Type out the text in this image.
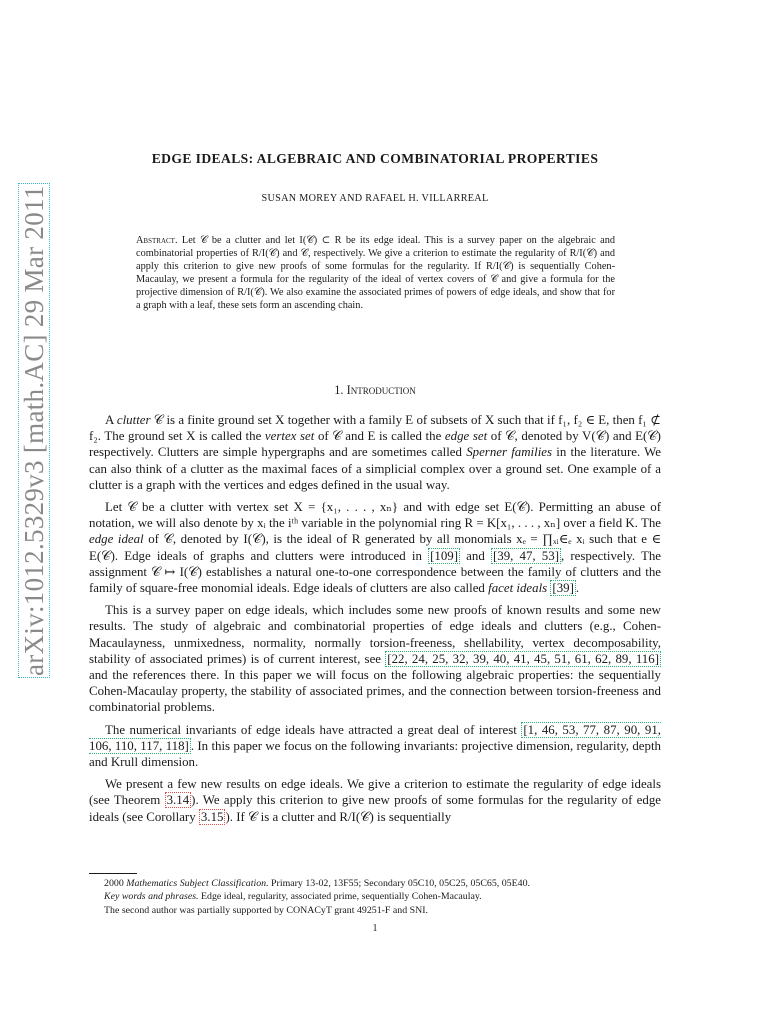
arXiv:1012.5329v3 [math.AC] 29 Mar 2011
EDGE IDEALS: ALGEBRAIC AND COMBINATORIAL PROPERTIES
SUSAN MOREY AND RAFAEL H. VILLARREAL
Abstract. Let 𝒞 be a clutter and let I(𝒞) ⊂ R be its edge ideal. This is a survey paper on the algebraic and combinatorial properties of R/I(𝒞) and 𝒞, respectively. We give a criterion to estimate the regularity of R/I(𝒞) and apply this criterion to give new proofs of some formulas for the regularity. If R/I(𝒞) is sequentially Cohen-Macaulay, we present a formula for the regularity of the ideal of vertex covers of 𝒞 and give a formula for the projective dimension of R/I(𝒞). We also examine the associated primes of powers of edge ideals, and show that for a graph with a leaf, these sets form an ascending chain.
1. Introduction

A clutter 𝒞 is a finite ground set X together with a family E of subsets of X such that if f₁, f₂ ∈ E, then f₁ ⊄ f₂. The ground set X is called the vertex set of 𝒞 and E is called the edge set of 𝒞, denoted by V(𝒞) and E(𝒞) respectively. Clutters are simple hypergraphs and are sometimes called Sperner families in the literature. We can also think of a clutter as the maximal faces of a simplicial complex over a ground set. One example of a clutter is a graph with the vertices and edges defined in the usual way.

Let 𝒞 be a clutter with vertex set X = {x₁, . . . , xₙ} and with edge set E(𝒞). Permitting an abuse of notation, we will also denote by xᵢ the iᵗʰ variable in the polynomial ring R = K[x₁, . . . , xₙ] over a field K. The edge ideal of 𝒞, denoted by I(𝒞), is the ideal of R generated by all monomials xₑ = ∏ₓᵢ∈ₑ xᵢ such that e ∈ E(𝒞). Edge ideals of graphs and clutters were introduced in [109] and [39, 47, 53] , respectively. The assignment 𝒞 ↦ I(𝒞) establishes a natural one-to-one correspondence between the family of clutters and the family of square-free monomial ideals. Edge ideals of clutters are also called facet ideals [39] .

This is a survey paper on edge ideals, which includes some new proofs of known results and some new results. The study of algebraic and combinatorial properties of edge ideals and clutters (e.g., Cohen-Macaulayness, unmixedness, normality, normally torsion-freeness, shellability, vertex decomposability, stability of associated primes) is of current interest, see [22, 24, 25, 32, 39, 40, 41, 45, 51, 61, 62, 89, 116] and the references there. In this paper we will focus on the following algebraic properties: the sequentially Cohen-Macaulay property, the stability of associated primes, and the connection between torsion-freeness and combinatorial problems.

The numerical invariants of edge ideals have attracted a great deal of interest [1, 46, 53, 77, 87, 90, 91, 106, 110, 117, 118] . In this paper we focus on the following invariants: projective dimension, regularity, depth and Krull dimension.

We present a few new results on edge ideals. We give a criterion to estimate the regularity of edge ideals (see Theorem 3.14 ). We apply this criterion to give new proofs of some formulas for the regularity of edge ideals (see Corollary 3.15 ). If 𝒞 is a clutter and R/I(𝒞) is sequentially

2000 Mathematics Subject Classification. Primary 13-02, 13F55; Secondary 05C10, 05C25, 05C65, 05E40.
Key words and phrases. Edge ideal, regularity, associated prime, sequentially Cohen-Macaulay.
The second author was partially supported by CONACyT grant 49251-F and SNI.
1
